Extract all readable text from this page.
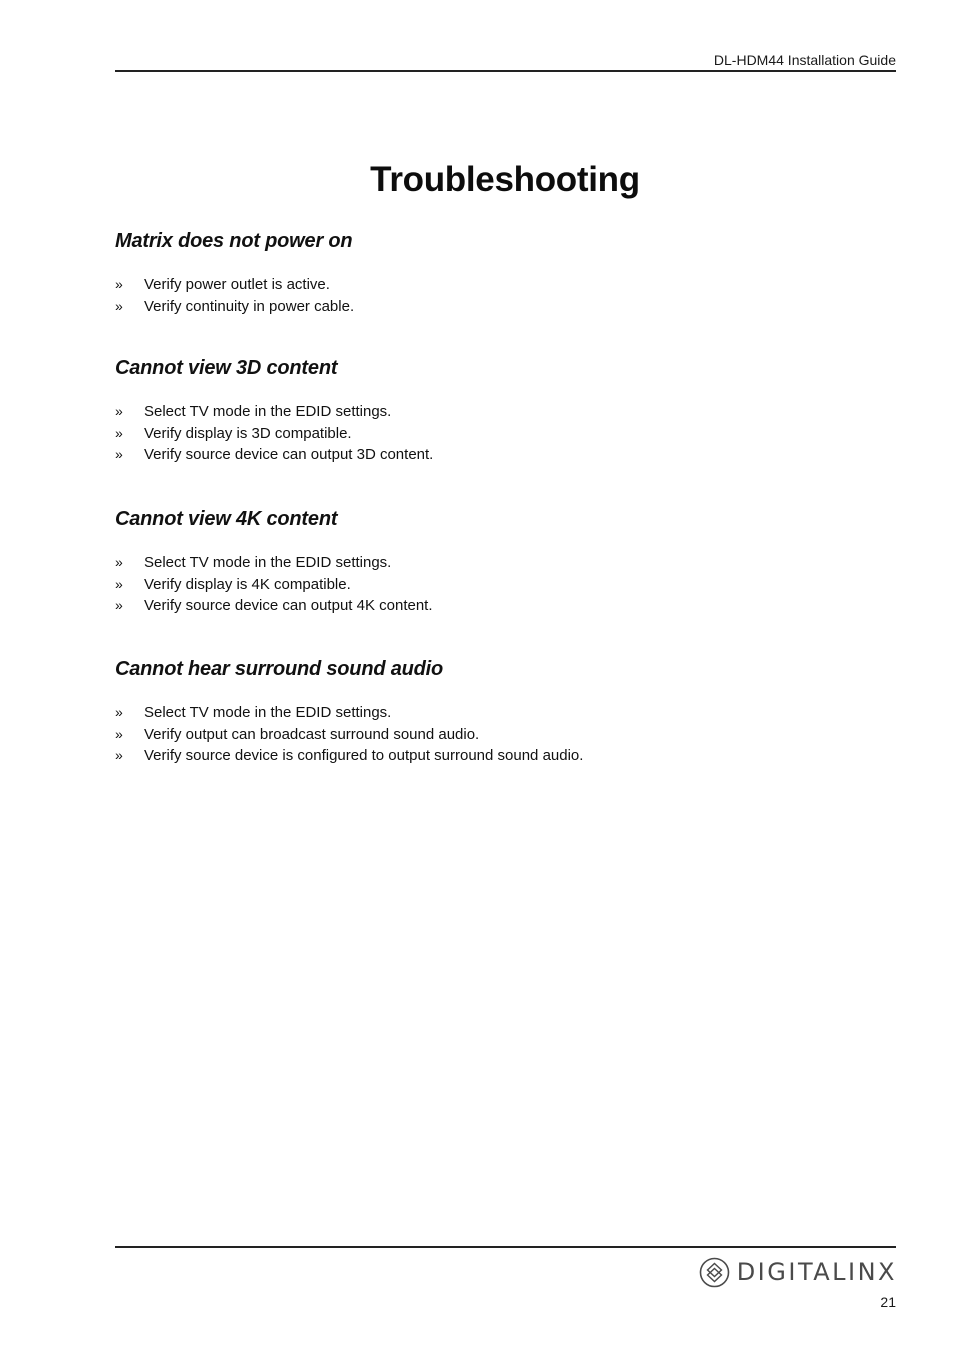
DL-HDM44 Installation Guide
Troubleshooting
Matrix does not power on
» Verify power outlet is active.
» Verify continuity in power cable.
Cannot view 3D content
» Select TV mode in the EDID settings.
» Verify display is 3D compatible.
» Verify source device can output 3D content.
Cannot view 4K content
» Select TV mode in the EDID settings.
» Verify display is 4K compatible.
» Verify source device can output 4K content.
Cannot hear surround sound audio
» Select TV mode in the EDID settings.
» Verify output can broadcast surround sound audio.
» Verify source device is configured to output surround sound audio.
DIGITALINX
21
